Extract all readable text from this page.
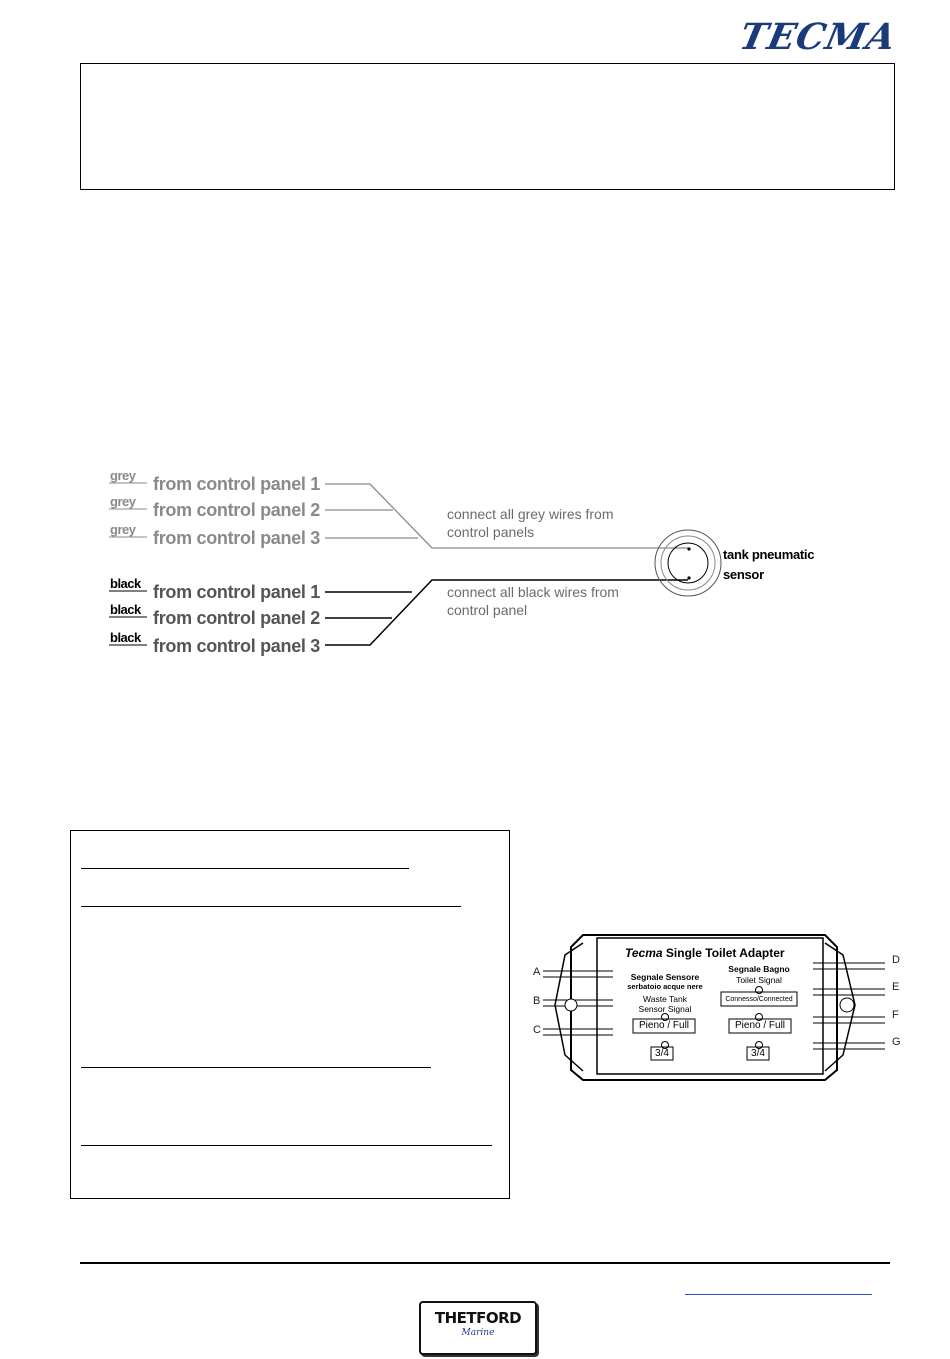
TECMA
grey from control panel 1
grey from control panel 2
grey from control panel 3
black from control panel 1
black from control panel 2
black from control panel 3
connect all grey wires from control panels
connect all black wires from control panel
tank pneumatic sensor
Tecma Single Toilet Adapter
Segnale Sensore
serbatoio acque nere
Waste Tank
Sensor Signal
Pieno / Full
3/4
Segnale Bagno
Toilet Signal
Connesso/Connected
Pieno / Full
3/4
A
B
C
D
E
F
G
THETFORD
Marine
